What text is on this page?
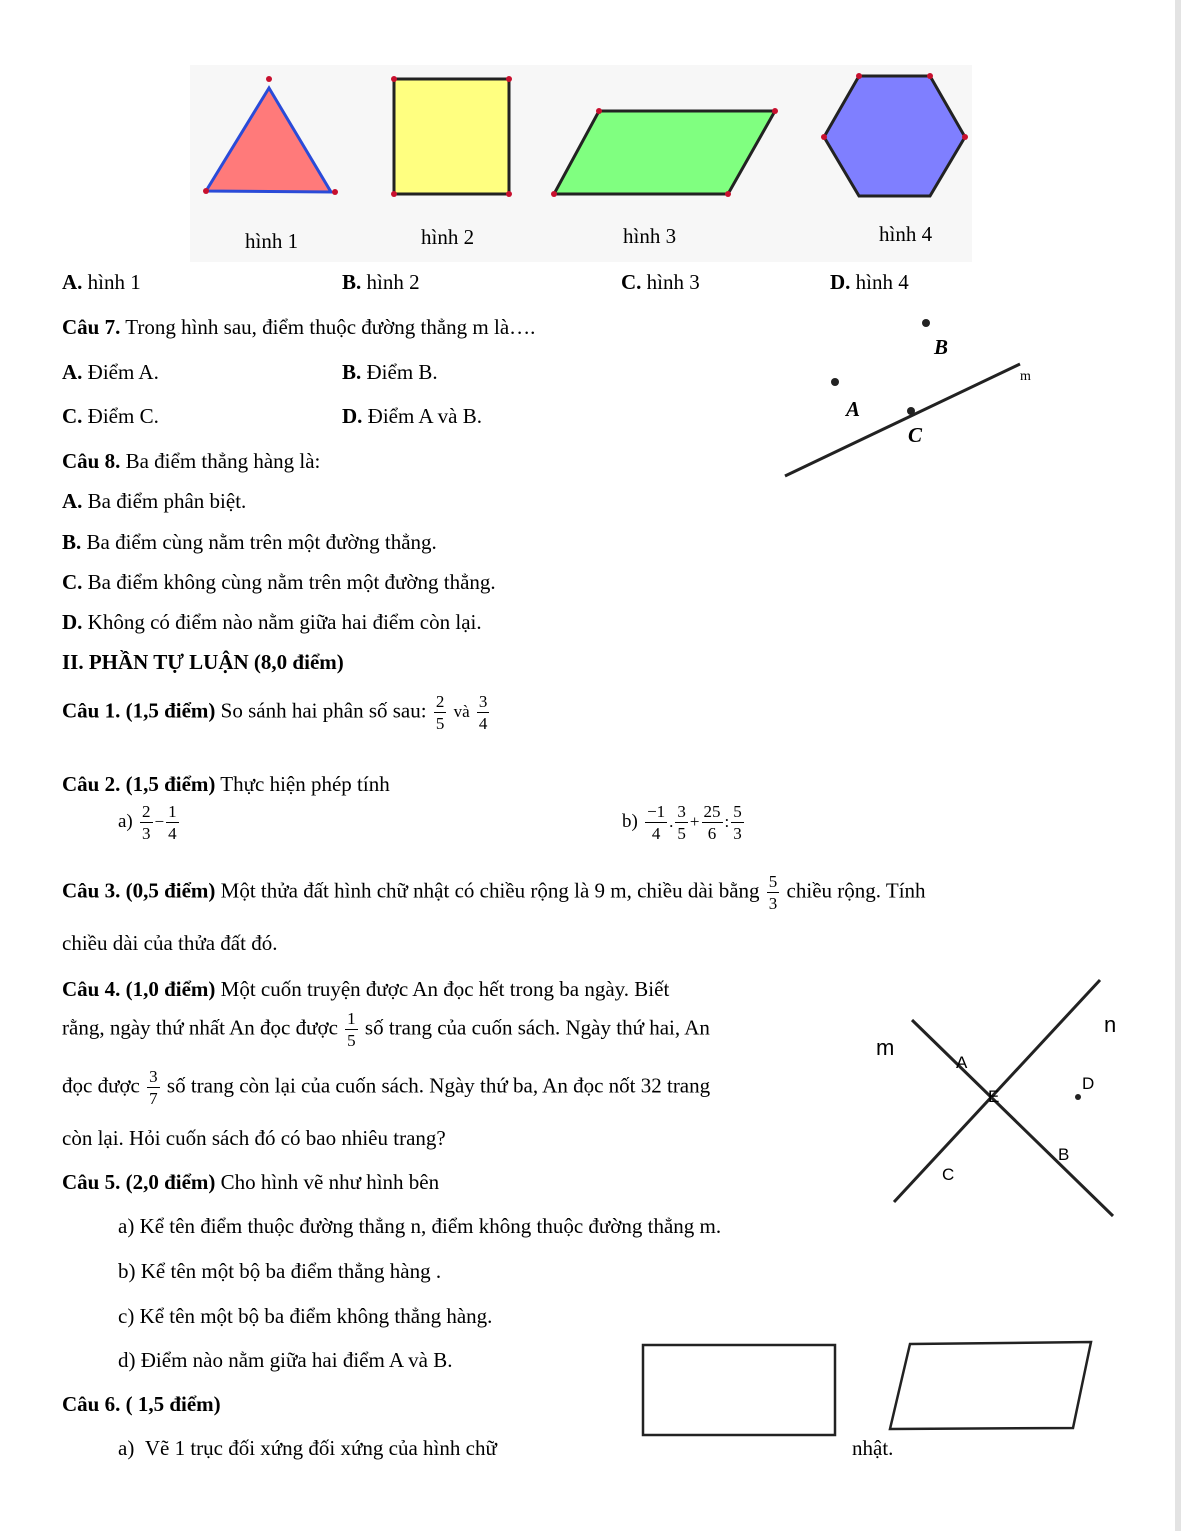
hình 1	hình 2	hình 3	hình 4
A. hình 1	B. hình 2	C. hình 3	D. hình 4
Câu 7. Trong hình sau, điểm thuộc đường thẳng m là….
A. Điểm A.	B. Điểm B.
C. Điểm C.	D. Điểm A và B.
B
A
C
m
Câu 8. Ba điểm thẳng hàng là:
A. Ba điểm phân biệt.
B. Ba điểm cùng nằm trên một đường thẳng.
C. Ba điểm không cùng nằm trên một đường thẳng.
D. Không có điểm nào nằm giữa hai điểm còn lại.
II. PHẦN TỰ LUẬN (8,0 điểm)
Câu 1. (1,5 điểm) So sánh hai phân số sau: $\frac{2}{5}$ và $\frac{3}{4}$
Câu 2. (1,5 điểm) Thực hiện phép tính
$a) \frac{2}{3} - \frac{1}{4}$	$b) \frac{-1}{4}$ . $\frac{3}{5} + \frac{25}{6}$ : $\frac{5}{3}$
Câu 3. (0,5 điểm) Một thửa đất hình chữ nhật có chiều rộng là 9 m, chiều dài bằng $\frac{5}{3}$ chiều rộng. Tính
chiều dài của thửa đất đó.
Câu 4. (1,0 điểm) Một cuốn truyện được An đọc hết trong ba ngày. Biết
rằng, ngày thứ nhất An đọc được $\frac{1}{5}$ số trang của cuốn sách. Ngày thứ hai, An
đọc được $\frac{3}{7}$ số trang còn lại của cuốn sách. Ngày thứ ba, An đọc nốt 32 trang
còn lại. Hỏi cuốn sách đó có bao nhiêu trang?
n
m
A
D
E
B
C
Câu 5. (2,0 điểm) Cho hình vẽ như hình bên
a) Kể tên điểm thuộc đường thẳng n, điểm không thuộc đường thẳng m.
b) Kể tên một bộ ba điểm thẳng hàng .
c) Kể tên một bộ ba điểm không thẳng hàng.
d) Điểm nào nằm giữa hai điểm A và B.
Câu 6. ( 1,5 điểm)
a) Vẽ 1 trục đối xứng đối xứng của hình chữ	nhật.
